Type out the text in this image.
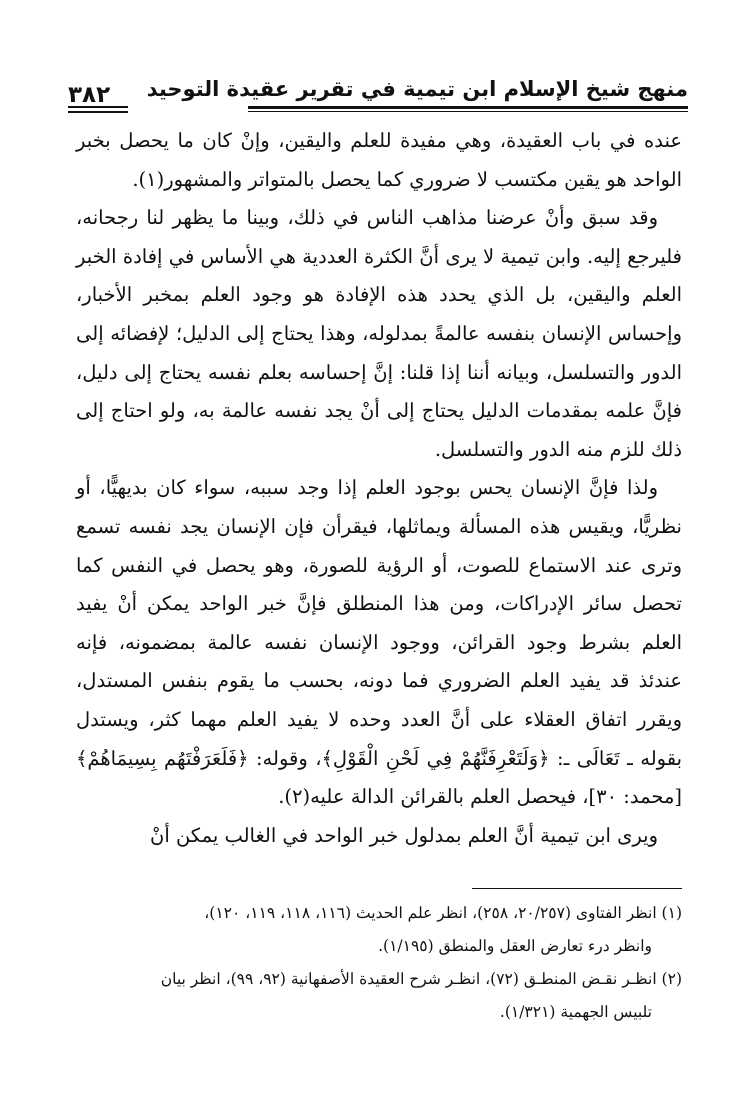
منهج شيخ الإسلام ابن تيمية في تقرير عقيدة التوحيد
٣٨٢

عنده في باب العقيدة، وهي مفيدة للعلم واليقين، وإنْ كان ما يحصل بخبر الواحد هو يقين مكتسب لا ضروري كما يحصل بالمتواتر والمشهور(١).

وقد سبق وأنْ عرضنا مذاهب الناس في ذلك، وبينا ما يظهر لنا رجحانه، فليرجع إليه. وابن تيمية لا يرى أنَّ الكثرة العددية هي الأساس في إفادة الخبر العلم واليقين، بل الذي يحدد هذه الإفادة هو وجود العلم بمخبر الأخبار، وإحساس الإنسان بنفسه عالمةً بمدلوله، وهذا يحتاج إلى الدليل؛ لإفضائه إلى الدور والتسلسل، وبيانه أننا إذا قلنا: إنَّ إحساسه بعلم نفسه يحتاج إلى دليل، فإنَّ علمه بمقدمات الدليل يحتاج إلى أنْ يجد نفسه عالمة به، ولو احتاج إلى ذلك للزم منه الدور والتسلسل.

ولذا فإنَّ الإنسان يحس بوجود العلم إذا وجد سببه، سواء كان بديهيًّا، أو نظريًّا، ويقيس هذه المسألة ويماثلها، فيقرأن فإن الإنسان يجد نفسه تسمع وترى عند الاستماع للصوت، أو الرؤية للصورة، وهو يحصل في النفس كما تحصل سائر الإدراكات، ومن هذا المنطلق فإنَّ خبر الواحد يمكن أنْ يفيد العلم بشرط وجود القرائن، ووجود الإنسان نفسه عالمة بمضمونه، فإنه عندئذ قد يفيد العلم الضروري فما دونه، بحسب ما يقوم بنفس المستدل، ويقرر اتفاق العقلاء على أنَّ العدد وحده لا يفيد العلم مهما كثر، ويستدل بقوله ـ تَعَالَى ـ: ﴿وَلَتَعْرِفَنَّهُمْ فِي لَحْنِ الْقَوْلِ﴾، وقوله: ﴿فَلَعَرَفْتَهُم بِسِيمَاهُمْ﴾ [محمد: ٣٠]، فيحصل العلم بالقرائن الدالة عليه(٢).

ويرى ابن تيمية أنَّ العلم بمدلول خبر الواحد في الغالب يمكن أنْ

(١) انظر الفتاوى (٢٠/٢٥٧، ٢٥٨)، انظر علم الحديث (١١٦، ١١٨، ١١٩، ١٢٠)،
وانظر درء تعارض العقل والمنطق (١/١٩٥).

(٢) انظـر نقـض المنطـق (٧٢)، انظـر شرح العقيدة الأصفهانية (٩٢، ٩٩)، انظر بيان
تلبيس الجهمية (١/٣٢١).
